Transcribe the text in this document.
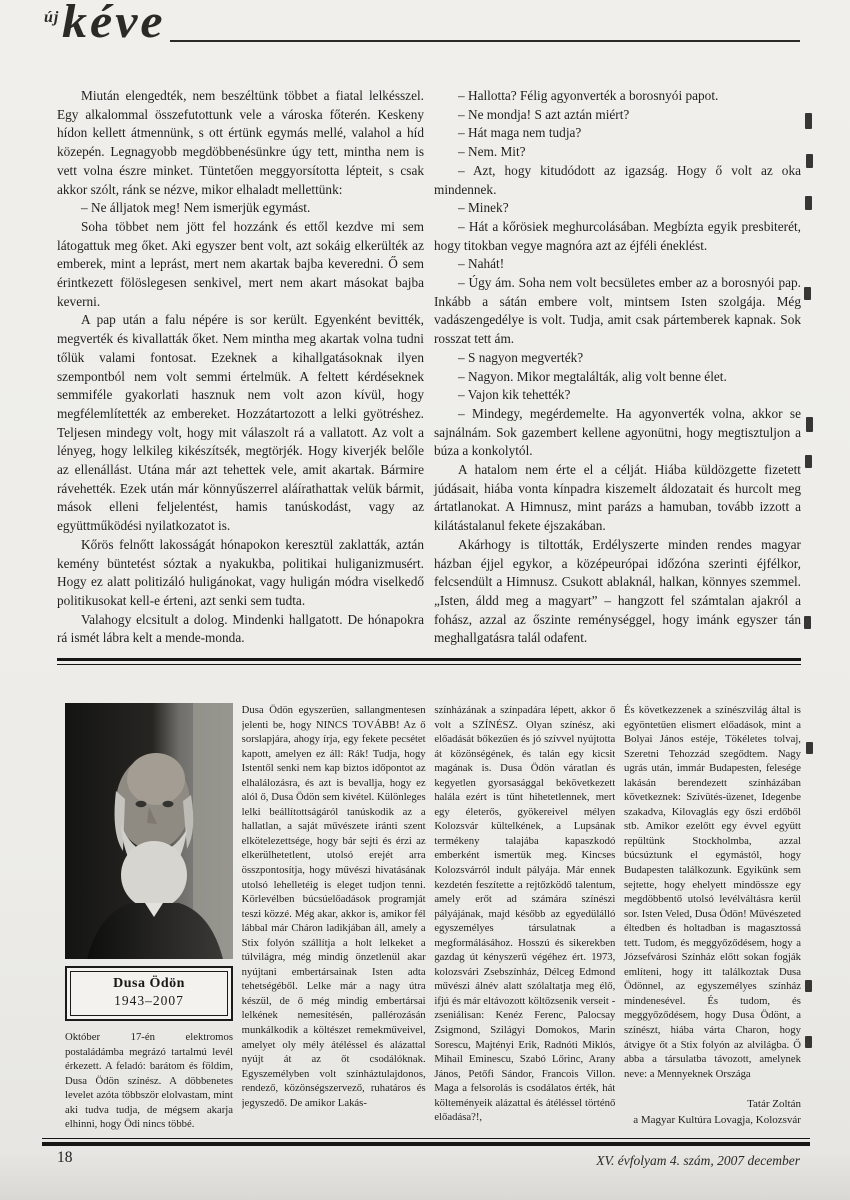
új kéve

Miután elengedték, nem beszéltünk többet a fiatal lelkésszel. Egy alkalommal összefutottunk vele a városka főterén. Keskeny hídon kellett átmennünk, s ott értünk egymás mellé, valahol a híd közepén. Legnagyobb megdöbbenésünkre úgy tett, mintha nem is vett volna észre minket. Tüntetően meggyorsította lépteit, s csak akkor szólt, ránk se nézve, mikor elhaladt mellettünk:

– Ne álljatok meg! Nem ismerjük egymást.

Soha többet nem jött fel hozzánk és ettől kezdve mi sem látogattuk meg őket. Aki egyszer bent volt, azt sokáig elkerülték az emberek, mint a leprást, mert nem akartak bajba keveredni. Ő sem érintkezett fölöslegesen senkivel, mert nem akart másokat bajba keverni.

A pap után a falu népére is sor került. Egyenként bevitték, megverték és kivallatták őket. Nem mintha meg akartak volna tudni tőlük valami fontosat. Ezeknek a kihallgatásoknak ilyen szempontból nem volt semmi értelmük. A feltett kérdéseknek semmiféle gyakorlati hasznuk nem volt azon kívül, hogy megfélemlítették az embereket. Hozzátartozott a lelki gyötréshez. Teljesen mindegy volt, hogy mit válaszolt rá a vallatott. Az volt a lényeg, hogy lelkileg kikészítsék, megtörjék. Hogy kiverjék belőle az ellenállást. Utána már azt tehettek vele, amit akartak. Bármire rávehették. Ezek után már könnyűszerrel aláírathattak velük bármit, mások elleni feljelentést, hamis tanúskodást, vagy az együttműködési nyilatkozatot is.

Kőrös felnőtt lakosságát hónapokon keresztül zaklatták, aztán kemény büntetést sóztak a nyakukba, politikai huliganizmusért. Hogy ez alatt politizáló huligánokat, vagy huligán módra viselkedő politikusokat kell-e érteni, azt senki sem tudta.

Valahogy elcsitult a dolog. Mindenki hallgatott. De hónapokra rá ismét lábra kelt a mende-monda.

– Hallotta? Félig agyonverték a borosnyói papot.

– Ne mondja! S azt aztán miért?

– Hát maga nem tudja?

– Nem. Mit?

– Azt, hogy kitudódott az igazság. Hogy ő volt az oka mindennek.

– Minek?

– Hát a kőrösiek meghurcolásában. Megbízta egyik presbiterét, hogy titokban vegye magnóra azt az éjféli éneklést.

– Nahát!

– Úgy ám. Soha nem volt becsületes ember az a borosnyói pap. Inkább a sátán embere volt, mintsem Isten szolgája. Még vadászengedélye is volt. Tudja, amit csak pártemberek kapnak. Sok rosszat tett ám.

– S nagyon megverték?

– Nagyon. Mikor megtalálták, alig volt benne élet.

– Vajon kik tehették?

– Mindegy, megérdemelte. Ha agyonverték volna, akkor se sajnálnám. Sok gazembert kellene agyonütni, hogy megtisztuljon a búza a konkolytól.

A hatalom nem érte el a célját. Hiába küldözgette fizetett júdásait, hiába vonta kínpadra kiszemelt áldozatait és hurcolt meg ártatlanokat. A Himnusz, mint parázs a hamuban, tovább izzott a kilátástalanul fekete éjszakában.

Akárhogy is tiltották, Erdélyszerte minden rendes magyar házban éjjel egykor, a középeurópai időzóna szerinti éjfélkor, felcsendült a Himnusz. Csukott ablaknál, halkan, könnyes szemmel. „Isten, áldd meg a magyart” – hangzott fel számtalan ajakról a fohász, azzal az őszinte reménységgel, hogy imánk egyszer tán meghallgatásra talál odafent.

Dusa Ödön
1943–2007

Október 17-én elektromos postaládámba megrázó tartalmú levél érkezett. A feladó: barátom és földim, Dusa Ödön színész. A döbbenetes levelet azóta többször elolvastam, mint aki tudva tudja, de mégsem akarja elhinni, hogy Ödi nincs többé.

Dusa Ödön egyszerűen, sallangmentesen jelenti be, hogy NINCS TOVÁBB! Az ő sorslapjára, ahogy írja, egy fekete pecsétet kapott, amelyen ez áll: Rák! Tudja, hogy Istentől senki nem kap biztos időpontot az elhalálozásra, és azt is bevallja, hogy ez alól ő, Dusa Ödön sem kivétel. Különleges lelki beállítottságáról tanúskodik az a hallatlan, a saját művészete iránti szent elkötelezettsége, hogy bár sejti és érzi az elkerülhetetlent, utolsó erejét arra összpontosítja, hogy művészi hivatásának utolsó lehelletéig is eleget tudjon tenni. Körlevélben búcsúelőadások programját teszi közzé. Még akar, akkor is, amikor fél lábbal már Cháron ladikjában áll, amely a Stix folyón szállítja a holt lelkeket a túlvilágra, még mindig önzetlenül akar nyújtani embertársainak Isten adta tehetségéből. Lelke már a nagy útra készül, de ő még mindig embertársai lelkének nemesítésén, pallérozásán munkálkodik a költészet remekműveivel, amelyet oly mély átéléssel és alázattal nyújt át az őt csodálóknak. Egyszemélyben volt színháztulajdonos, rendező, közönségszervező, ruhatáros és jegyszedő. De amikor Lakás-

színházának a színpadára lépett, akkor ő volt a SZÍNÉSZ. Olyan színész, aki előadását bőkezűen és jó szívvel nyújtotta át közönségének, és talán egy kicsit magának is. Dusa Ödön váratlan és kegyetlen gyorsasággal bekövetkezett halála ezért is tűnt hihetetlennek, mert egy életerős, gyökereivel mélyen Kolozsvár kültelkének, a Lupsának termékeny talajába kapaszkodó emberként ismertük meg. Kincses Kolozsvárról indult pályája. Már ennek kezdetén feszítette a rejtőzködő talentum, amely erőt ad számára színészi pályájának, majd később az egyedülálló egyszemélyes társulatnak a megformálásához. Hosszú és sikerekben gazdag út kényszerű végéhez ért. 1973, kolozsvári Zsebszínház, Délceg Edmond művészi álnév alatt szólaltatja meg élő, ifjú és már eltávozott költőzsenik verseit - zseniálisan: Kenéz Ferenc, Palocsay Zsigmond, Szilágyi Domokos, Marin Sorescu, Majtényi Erik, Radnóti Miklós, Mihail Eminescu, Szabó Lőrinc, Arany János, Petőfi Sándor, Francois Villon. Maga a felsorolás is csodálatos érték, hát költeményeik alázattal és átéléssel történő előadása?!,

És következzenek a színészvilág által is egyöntetűen elismert előadások, mint a Bolyai János estéje, Tökéletes tolvaj, Szeretni Tehozzád szegődtem. Nagy ugrás után, immár Budapesten, felesége lakásán berendezett színházában következnek: Szívütés-üzenet, Idegenbe szakadva, Kilovaglás egy őszi erdőből stb. Amikor ezelőtt egy évvel együtt repültünk Stockholmba, azzal búcsúztunk el egymástól, hogy Budapesten találkozunk. Egyikünk sem sejtette, hogy ehelyett mindössze egy megdöbbentő utolsó levélváltásra kerül sor. Isten Veled, Dusa Ödön! Művészeted éltedben és holtadban is magasztossá tett. Tudom, és meggyőződésem, hogy a Józsefvárosi Színház előtt sokan fogják említeni, hogy itt találkoztak Dusa Ödönnel, az egyszemélyes színház mindenesével. És tudom, és meggyőződésem, hogy Dusa Ödönt, a színészt, hiába várta Charon, hogy átvigye őt a Stix folyón az alvilágba. Ő abba a társulatba távozott, amelynek neve: a Mennyeknek Országa

Tatár Zoltán
a Magyar Kultúra Lovagja, Kolozsvár
18	XV. évfolyam 4. szám, 2007 december
